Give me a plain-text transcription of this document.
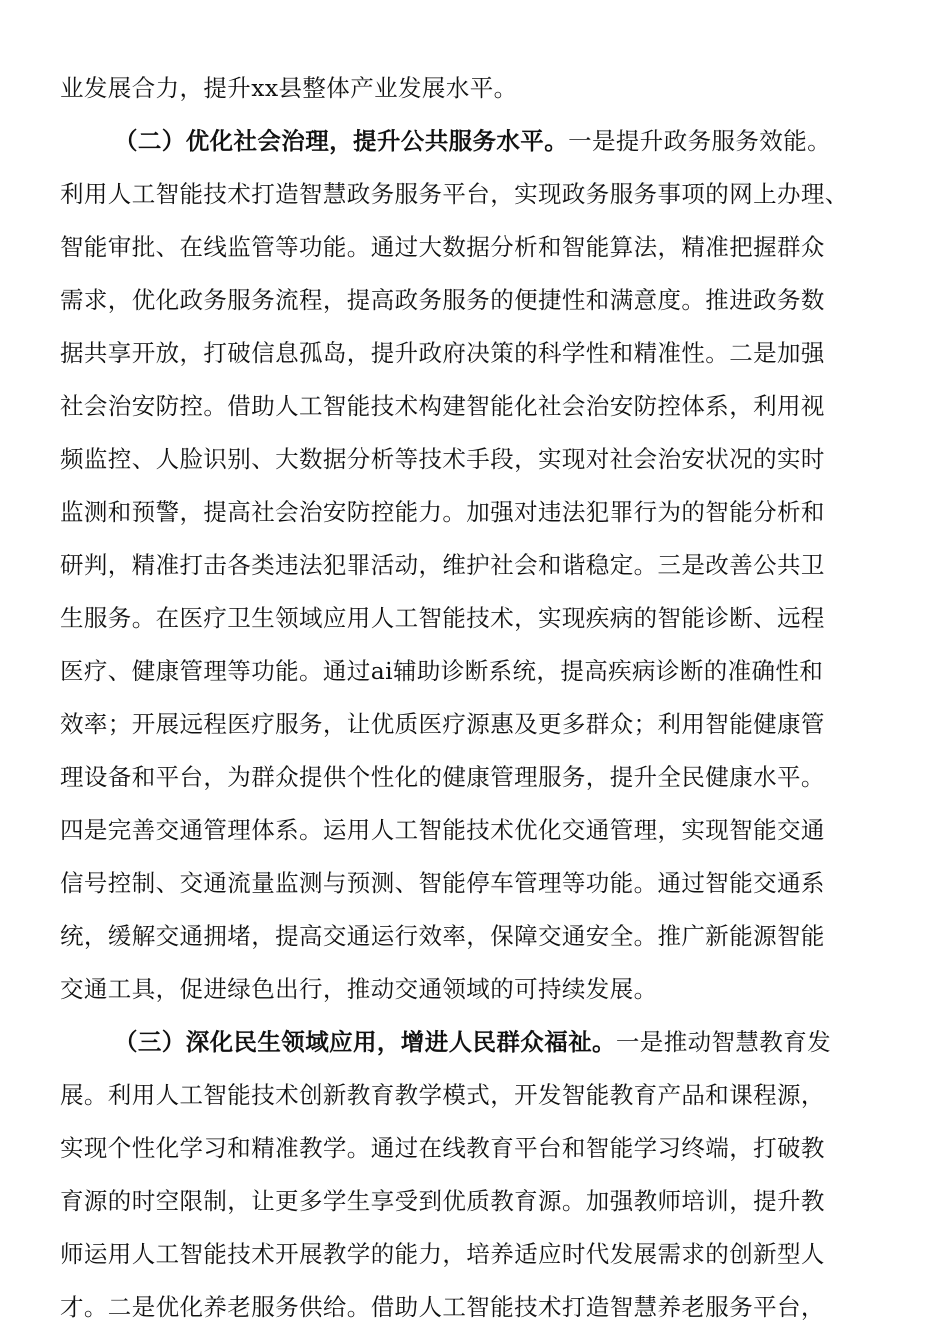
业发展合力，提升xx县整体产业发展水平。
（二）优化社会治理，提升公共服务水平。一是提升政务服务效能。
利用人工智能技术打造智慧政务服务平台，实现政务服务事项的网上办理、
智能审批、在线监管等功能。通过大数据分析和智能算法，精准把握群众
需求，优化政务服务流程，提高政务服务的便捷性和满意度。推进政务数
据共享开放，打破信息孤岛，提升政府决策的科学性和精准性。二是加强
社会治安防控。借助人工智能技术构建智能化社会治安防控体系，利用视
频监控、人脸识别、大数据分析等技术手段，实现对社会治安状况的实时
监测和预警，提高社会治安防控能力。加强对违法犯罪行为的智能分析和
研判，精准打击各类违法犯罪活动，维护社会和谐稳定。三是改善公共卫
生服务。在医疗卫生领域应用人工智能技术，实现疾病的智能诊断、远程
医疗、健康管理等功能。通过ai辅助诊断系统，提高疾病诊断的准确性和
效率；开展远程医疗服务，让优质医疗源惠及更多群众；利用智能健康管
理设备和平台，为群众提供个性化的健康管理服务，提升全民健康水平。
四是完善交通管理体系。运用人工智能技术优化交通管理，实现智能交通
信号控制、交通流量监测与预测、智能停车管理等功能。通过智能交通系
统，缓解交通拥堵，提高交通运行效率，保障交通安全。推广新能源智能
交通工具，促进绿色出行，推动交通领域的可持续发展。
（三）深化民生领域应用，增进人民群众福祉。一是推动智慧教育发
展。利用人工智能技术创新教育教学模式，开发智能教育产品和课程源，
实现个性化学习和精准教学。通过在线教育平台和智能学习终端，打破教
育源的时空限制，让更多学生享受到优质教育源。加强教师培训，提升教
师运用人工智能技术开展教学的能力，培养适应时代发展需求的创新型人
才。二是优化养老服务供给。借助人工智能技术打造智慧养老服务平台，
